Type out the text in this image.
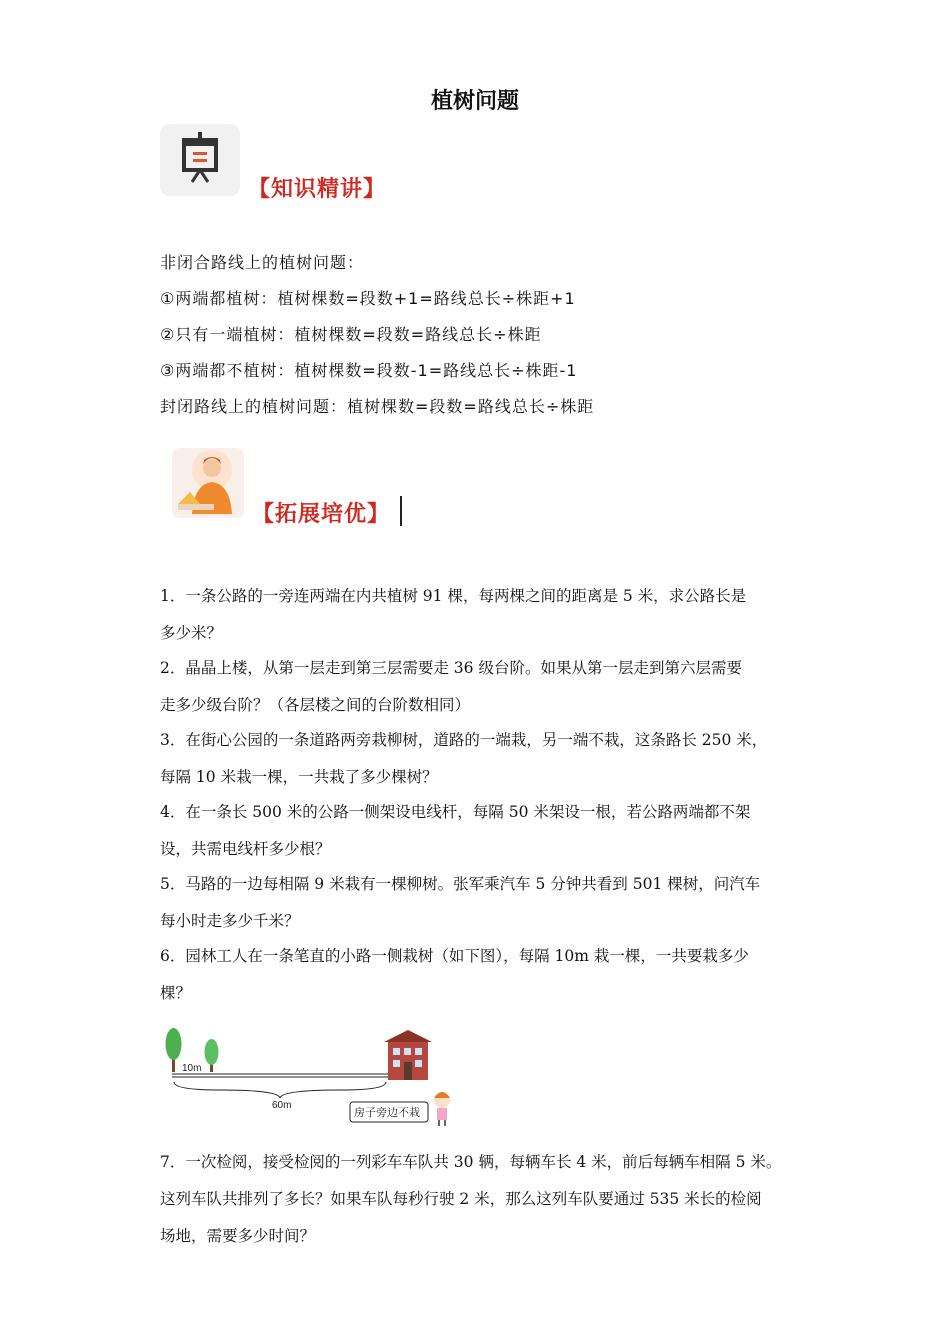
植树问题
【知识精讲】
非闭合路线上的植树问题：
①两端都植树：植树棵数=段数+1=路线总长÷株距+1
②只有一端植树：植树棵数=段数=路线总长÷株距
③两端都不植树：植树棵数=段数-1=路线总长÷株距-1
封闭路线上的植树问题：植树棵数=段数=路线总长÷株距
【拓展培优】
1．一条公路的一旁连两端在内共植树 91 棵，每两棵之间的距离是 5 米，求公路长是
多少米？
2．晶晶上楼，从第一层走到第三层需要走 36 级台阶。如果从第一层走到第六层需要
走多少级台阶？（各层楼之间的台阶数相同）
3．在街心公园的一条道路两旁栽柳树，道路的一端栽，另一端不栽，这条路长 250 米，
每隔 10 米栽一棵，一共栽了多少棵树？
4．在一条长 500 米的公路一侧架设电线杆，每隔 50 米架设一根，若公路两端都不架
设，共需电线杆多少根？
5．马路的一边每相隔 9 米栽有一棵柳树。张军乘汽车 5 分钟共看到 501 棵树，问汽车
每小时走多少千米？
6．园林工人在一条笔直的小路一侧栽树（如下图），每隔 10m 栽一棵，一共要栽多少
棵？
10m
60m
房子旁边不栽
7．一次检阅，接受检阅的一列彩车车队共 30 辆，每辆车长 4 米，前后每辆车相隔 5 米。
这列车队共排列了多长？如果车队每秒行驶 2 米，那么这列车队要通过 535 米长的检阅
场地，需要多少时间？
